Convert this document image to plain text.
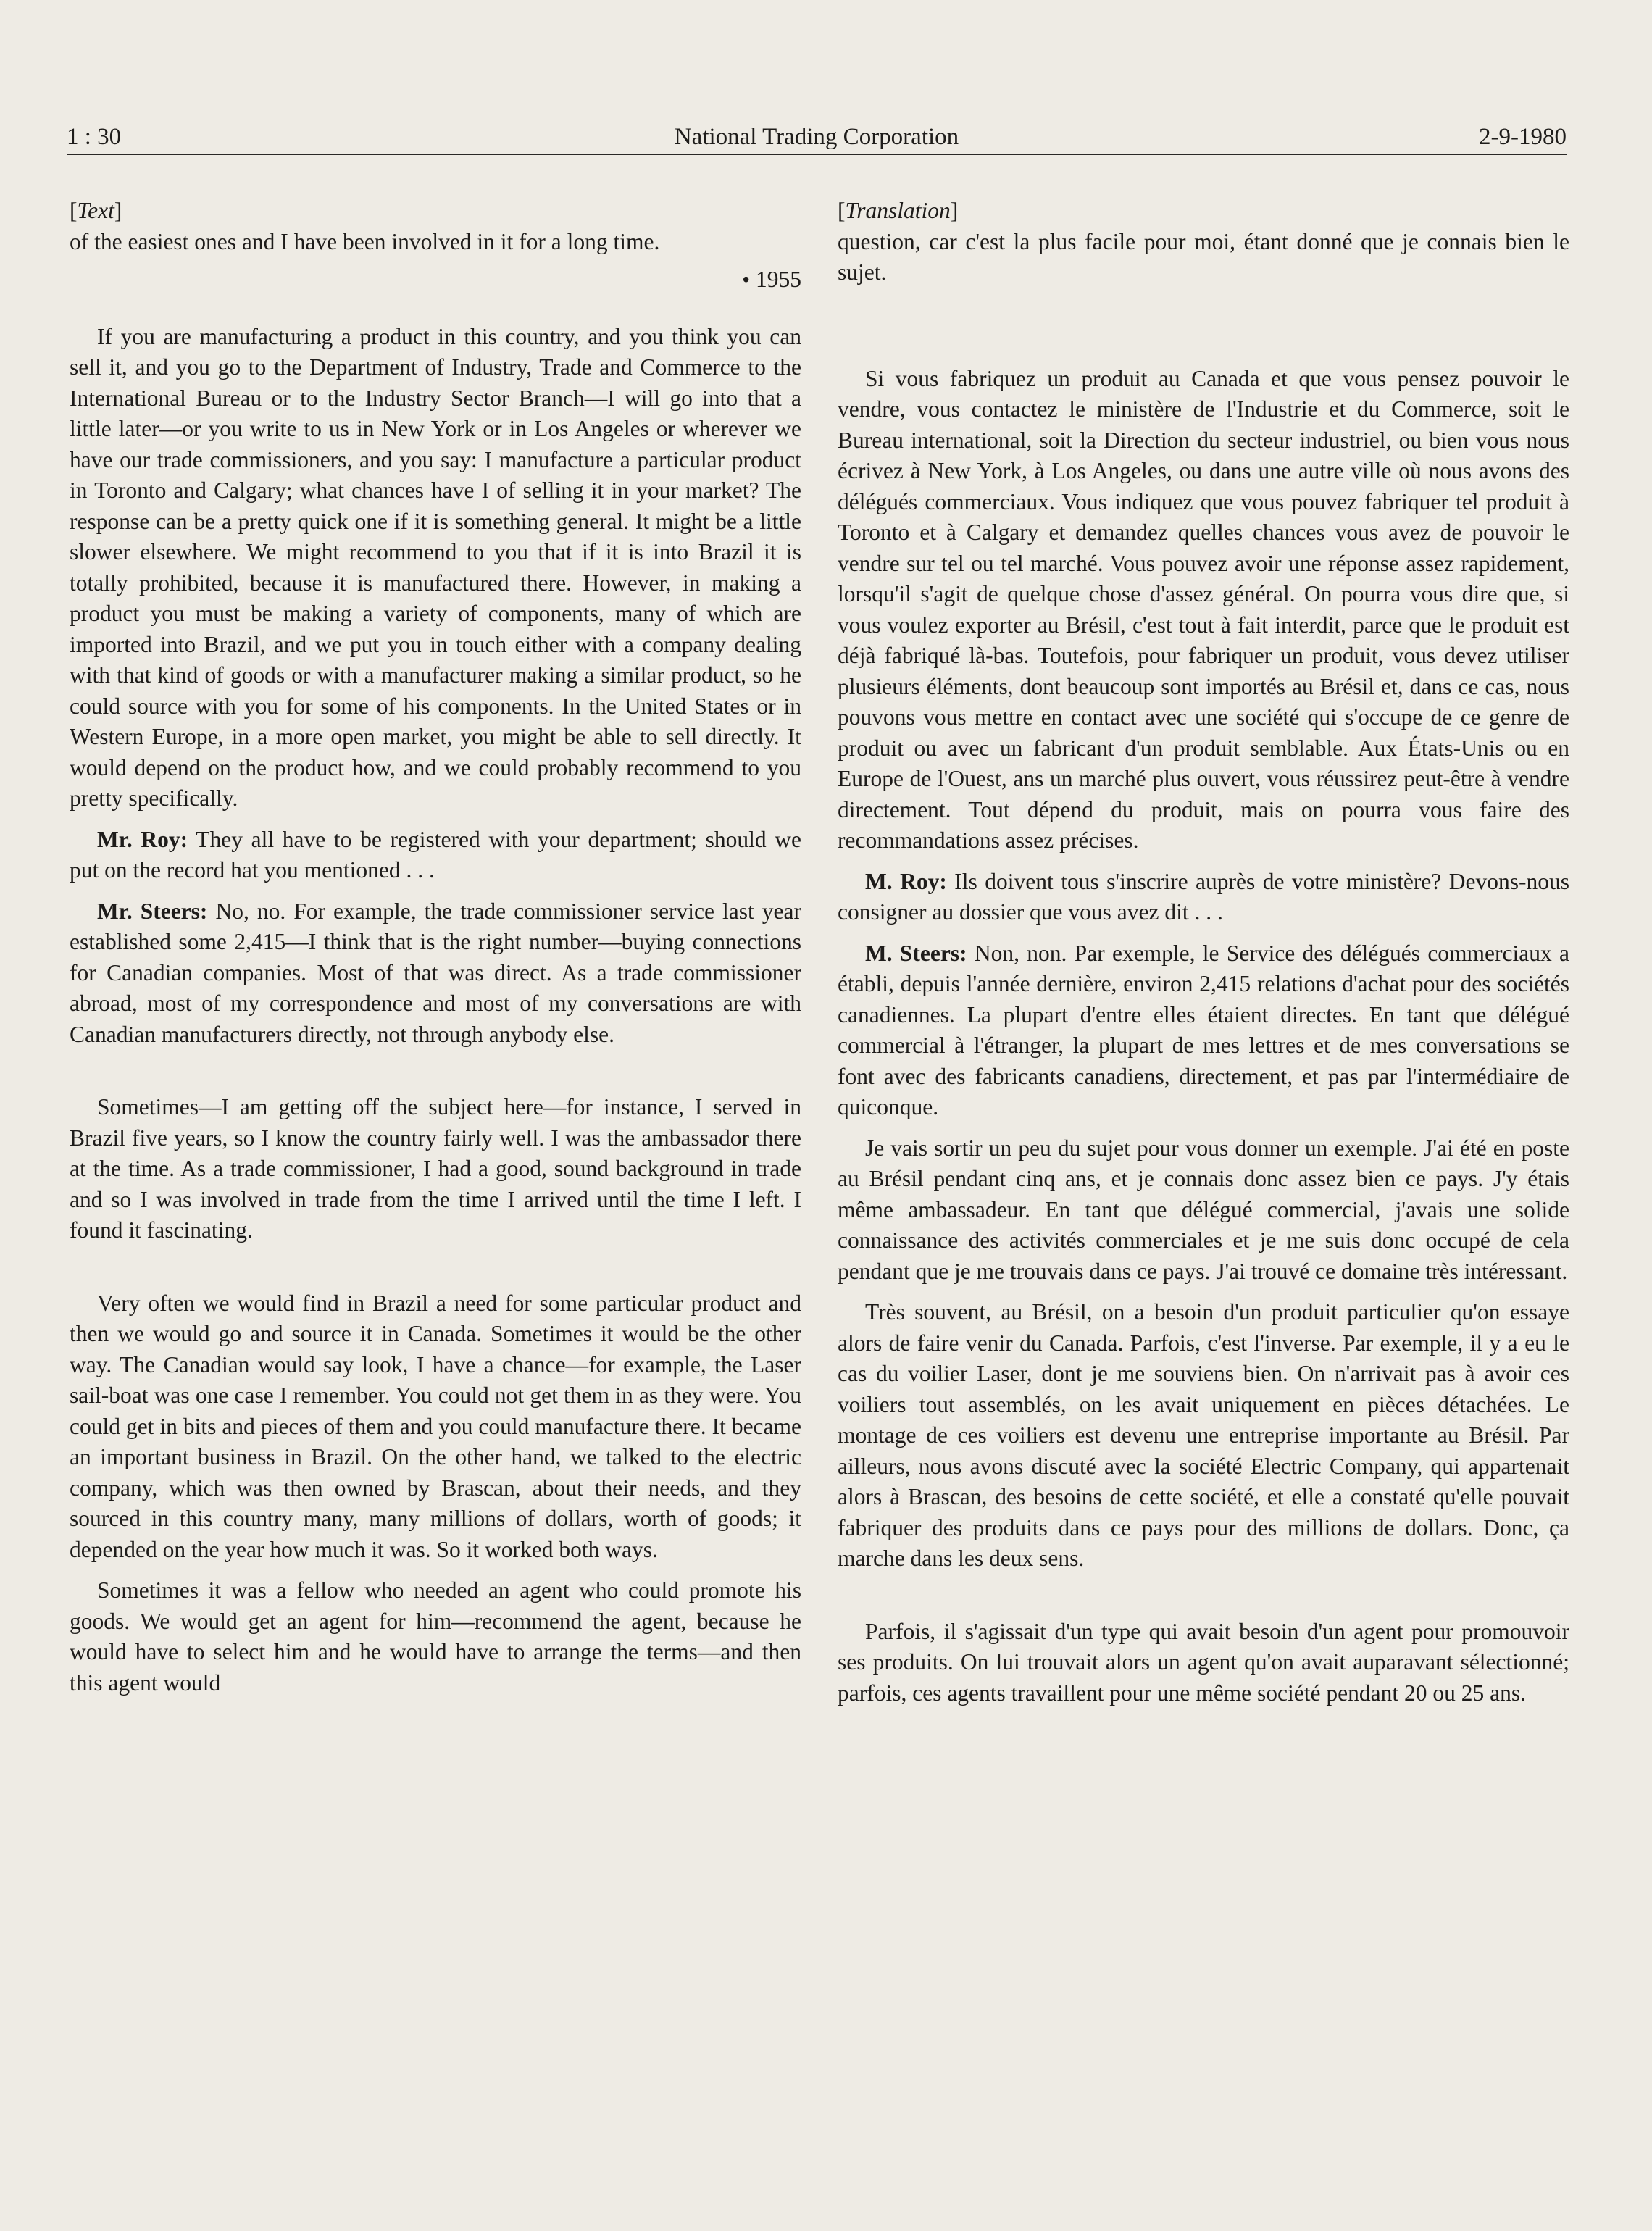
1 : 30	National Trading Corporation	2-9-1980

[ Text ]

of the easiest ones and I have been involved in it for a long time.

• 1955

If you are manufacturing a product in this country, and you think you can sell it, and you go to the Department of Industry, Trade and Commerce to the International Bureau or to the Industry Sector Branch—I will go into that a little later—or you write to us in New York or in Los Angeles or wherever we have our trade commissioners, and you say: I manufacture a particular product in Toronto and Calgary; what chances have I of selling it in your market? The response can be a pretty quick one if it is something general. It might be a little slower elsewhere. We might recommend to you that if it is into Brazil it is totally prohibited, because it is manufactured there. However, in making a product you must be making a variety of components, many of which are imported into Brazil, and we put you in touch either with a company dealing with that kind of goods or with a manufacturer making a similar product, so he could source with you for some of his components. In the United States or in Western Europe, in a more open market, you might be able to sell directly. It would depend on the product how, and we could probably recommend to you pretty specifically.

Mr. Roy: They all have to be registered with your department; should we put on the record hat you mentioned . . .

Mr. Steers: No, no. For example, the trade commissioner service last year established some 2,415—I think that is the right number—buying connections for Canadian companies. Most of that was direct. As a trade commissioner abroad, most of my correspondence and most of my conversations are with Canadian manufacturers directly, not through anybody else.

Sometimes—I am getting off the subject here—for instance, I served in Brazil five years, so I know the country fairly well. I was the ambassador there at the time. As a trade commissioner, I had a good, sound background in trade and so I was involved in trade from the time I arrived until the time I left. I found it fascinating.

Very often we would find in Brazil a need for some particular product and then we would go and source it in Canada. Sometimes it would be the other way. The Canadian would say look, I have a chance—for example, the Laser sail-boat was one case I remember. You could not get them in as they were. You could get in bits and pieces of them and you could manufacture there. It became an important business in Brazil. On the other hand, we talked to the electric company, which was then owned by Brascan, about their needs, and they sourced in this country many, many millions of dollars, worth of goods; it depended on the year how much it was. So it worked both ways.

Sometimes it was a fellow who needed an agent who could promote his goods. We would get an agent for him—recommend the agent, because he would have to select him and he would have to arrange the terms—and then this agent would

[ Translation ]

question, car c'est la plus facile pour moi, étant donné que je connais bien le sujet.

Si vous fabriquez un produit au Canada et que vous pensez pouvoir le vendre, vous contactez le ministère de l'Industrie et du Commerce, soit le Bureau international, soit la Direction du secteur industriel, ou bien vous nous écrivez à New York, à Los Angeles, ou dans une autre ville où nous avons des délégués commerciaux. Vous indiquez que vous pouvez fabriquer tel produit à Toronto et à Calgary et demandez quelles chances vous avez de pouvoir le vendre sur tel ou tel marché. Vous pouvez avoir une réponse assez rapidement, lorsqu'il s'agit de quelque chose d'assez général. On pourra vous dire que, si vous voulez exporter au Brésil, c'est tout à fait interdit, parce que le produit est déjà fabriqué là-bas. Toutefois, pour fabriquer un produit, vous devez utiliser plusieurs éléments, dont beaucoup sont importés au Brésil et, dans ce cas, nous pouvons vous mettre en contact avec une société qui s'occupe de ce genre de produit ou avec un fabricant d'un produit semblable. Aux États-Unis ou en Europe de l'Ouest, ans un marché plus ouvert, vous réussirez peut-être à vendre directement. Tout dépend du produit, mais on pourra vous faire des recommandations assez précises.

M. Roy: Ils doivent tous s'inscrire auprès de votre ministère? Devons-nous consigner au dossier que vous avez dit . . .

M. Steers: Non, non. Par exemple, le Service des délégués commerciaux a établi, depuis l'année dernière, environ 2,415 relations d'achat pour des sociétés canadiennes. La plupart d'entre elles étaient directes. En tant que délégué commercial à l'étranger, la plupart de mes lettres et de mes conversations se font avec des fabricants canadiens, directement, et pas par l'intermédiaire de quiconque.

Je vais sortir un peu du sujet pour vous donner un exemple. J'ai été en poste au Brésil pendant cinq ans, et je connais donc assez bien ce pays. J'y étais même ambassadeur. En tant que délégué commercial, j'avais une solide connaissance des activités commerciales et je me suis donc occupé de cela pendant que je me trouvais dans ce pays. J'ai trouvé ce domaine très intéressant.

Très souvent, au Brésil, on a besoin d'un produit particulier qu'on essaye alors de faire venir du Canada. Parfois, c'est l'inverse. Par exemple, il y a eu le cas du voilier Laser, dont je me souviens bien. On n'arrivait pas à avoir ces voiliers tout assemblés, on les avait uniquement en pièces détachées. Le montage de ces voiliers est devenu une entreprise importante au Brésil. Par ailleurs, nous avons discuté avec la société Electric Company, qui appartenait alors à Brascan, des besoins de cette société, et elle a constaté qu'elle pouvait fabriquer des produits dans ce pays pour des millions de dollars. Donc, ça marche dans les deux sens.

Parfois, il s'agissait d'un type qui avait besoin d'un agent pour promouvoir ses produits. On lui trouvait alors un agent qu'on avait auparavant sélectionné; parfois, ces agents travaillent pour une même société pendant 20 ou 25 ans.
